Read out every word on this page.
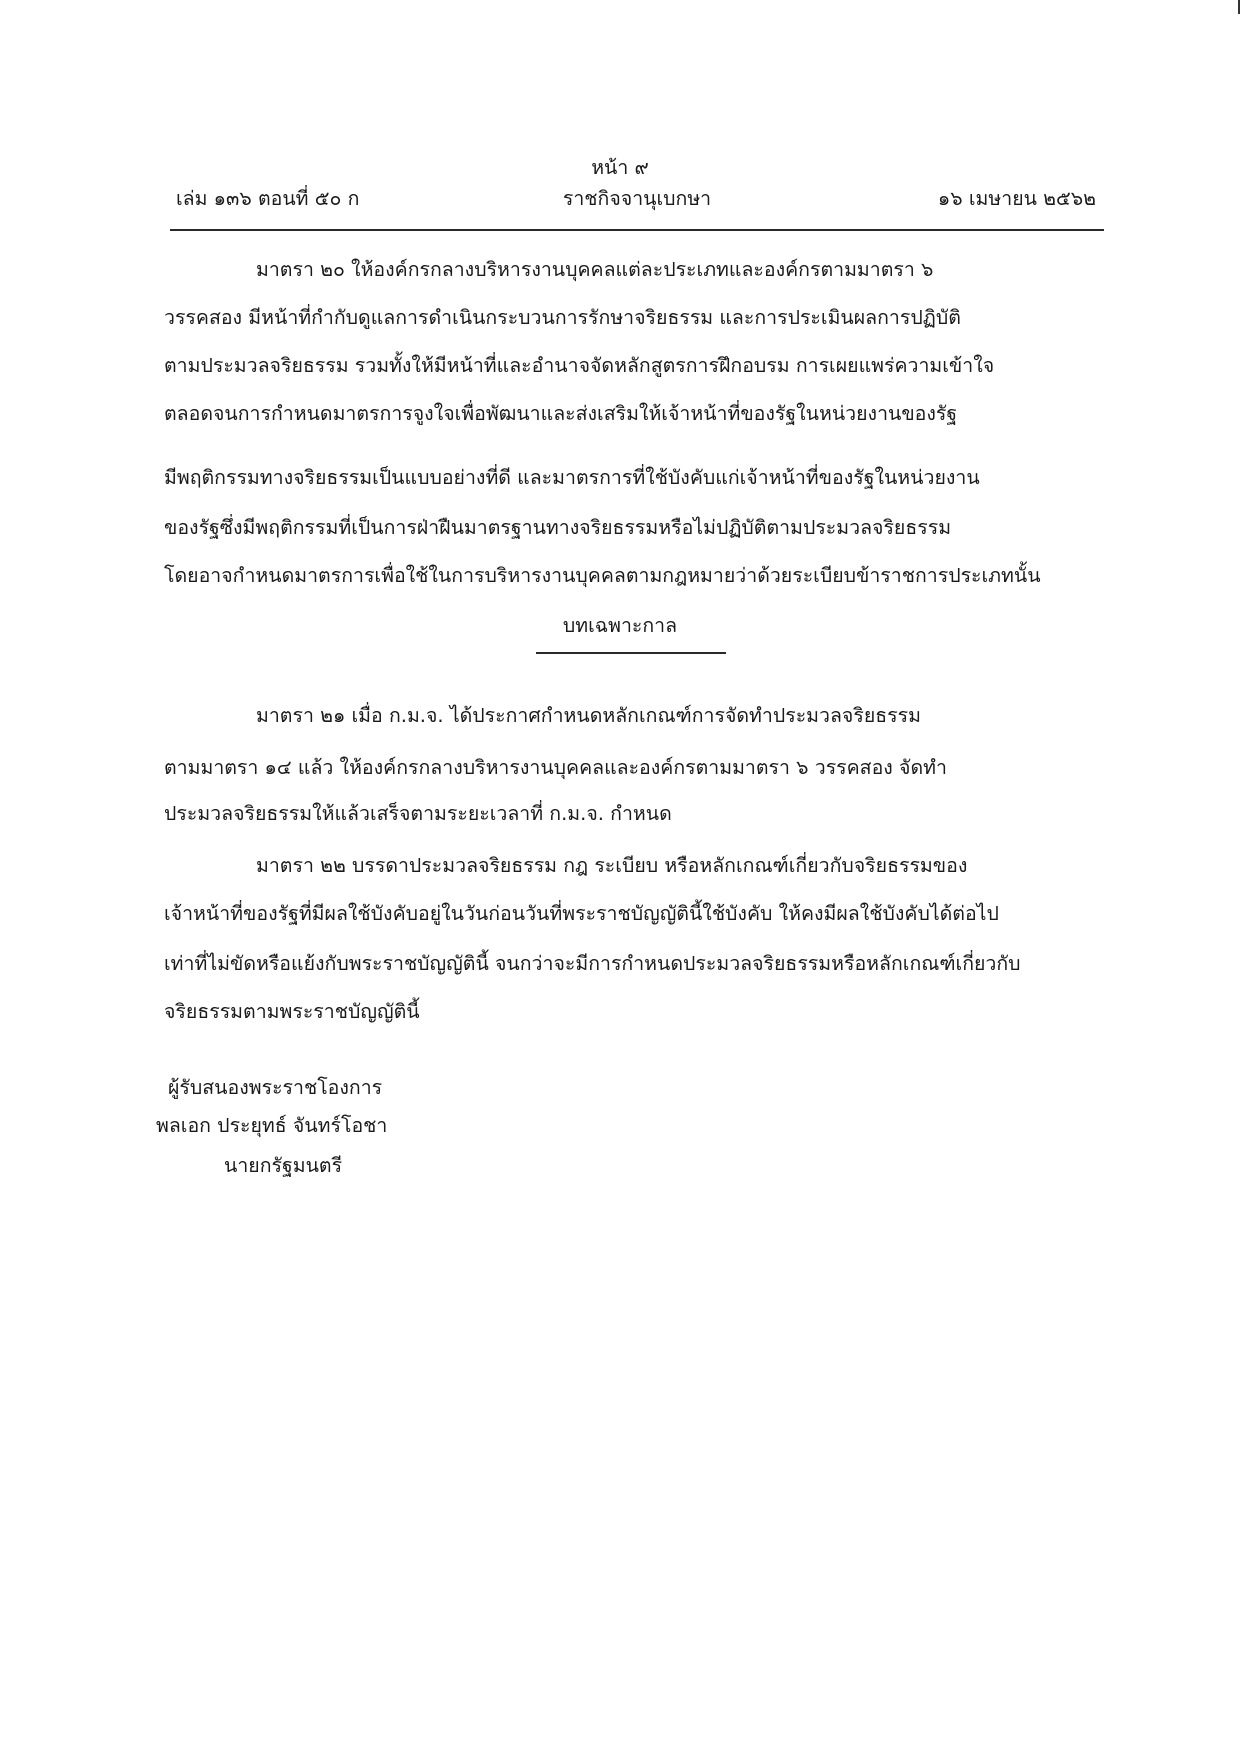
หน้า ๙
เล่ม ๑๓๖ ตอนที่ ๕๐ ก	ราชกิจจานุเบกษา	๑๖ เมษายน ๒๕๖๒
มาตรา ๒๐ ให้องค์กรกลางบริหารงานบุคคลแต่ละประเภทและองค์กรตามมาตรา ๖
วรรคสอง มีหน้าที่กำกับดูแลการดำเนินกระบวนการรักษาจริยธรรม และการประเมินผลการปฏิบัติ
ตามประมวลจริยธรรม รวมทั้งให้มีหน้าที่และอำนาจจัดหลักสูตรการฝึกอบรม การเผยแพร่ความเข้าใจ
ตลอดจนการกำหนดมาตรการจูงใจเพื่อพัฒนาและส่งเสริมให้เจ้าหน้าที่ของรัฐในหน่วยงานของรัฐ
มีพฤติกรรมทางจริยธรรมเป็นแบบอย่างที่ดี และมาตรการที่ใช้บังคับแก่เจ้าหน้าที่ของรัฐในหน่วยงาน
ของรัฐซึ่งมีพฤติกรรมที่เป็นการฝ่าฝืนมาตรฐานทางจริยธรรมหรือไม่ปฏิบัติตามประมวลจริยธรรม
โดยอาจกำหนดมาตรการเพื่อใช้ในการบริหารงานบุคคลตามกฎหมายว่าด้วยระเบียบข้าราชการประเภทนั้น
บทเฉพาะกาล
มาตรา ๒๑ เมื่อ ก.ม.จ. ได้ประกาศกำหนดหลักเกณฑ์การจัดทำประมวลจริยธรรม
ตามมาตรา ๑๔ แล้ว ให้องค์กรกลางบริหารงานบุคคลและองค์กรตามมาตรา ๖ วรรคสอง จัดทำ
ประมวลจริยธรรมให้แล้วเสร็จตามระยะเวลาที่ ก.ม.จ. กำหนด
มาตรา ๒๒ บรรดาประมวลจริยธรรม กฎ ระเบียบ หรือหลักเกณฑ์เกี่ยวกับจริยธรรมของ
เจ้าหน้าที่ของรัฐที่มีผลใช้บังคับอยู่ในวันก่อนวันที่พระราชบัญญัตินี้ใช้บังคับ ให้คงมีผลใช้บังคับได้ต่อไป
เท่าที่ไม่ขัดหรือแย้งกับพระราชบัญญัตินี้ จนกว่าจะมีการกำหนดประมวลจริยธรรมหรือหลักเกณฑ์เกี่ยวกับ
จริยธรรมตามพระราชบัญญัตินี้
ผู้รับสนองพระราชโองการ
พลเอก ประยุทธ์ จันทร์โอชา
นายกรัฐมนตรี
